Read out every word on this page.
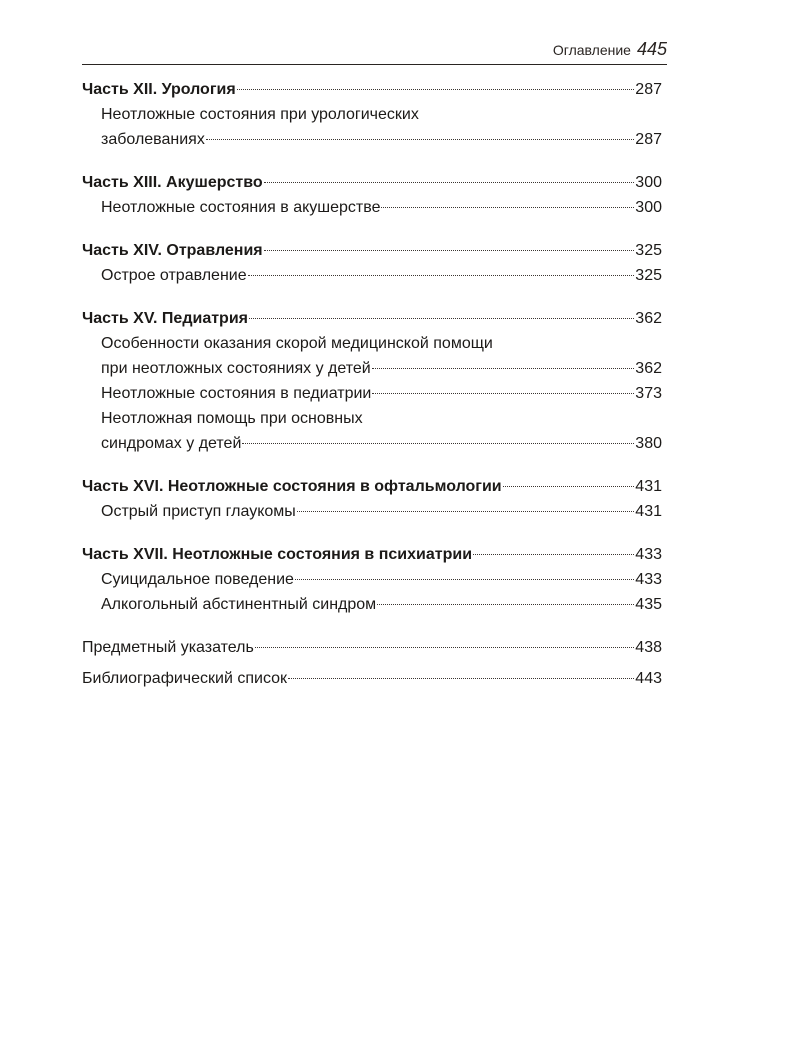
Оглавление 445
Часть XII. Урология	287
Неотложные состояния при урологических
заболеваниях	287
Часть XIII. Акушерство	300
Неотложные состояния в акушерстве	300
Часть XIV. Отравления	325
Острое отравление	325
Часть XV. Педиатрия	362
Особенности оказания скорой медицинской помощи
при неотложных состояниях у детей	362
Неотложные состояния в педиатрии	373
Неотложная помощь при основных
синдромах у детей	380
Часть XVI. Неотложные состояния в офтальмологии	431
Острый приступ глаукомы	431
Часть XVII. Неотложные состояния в психиатрии	433
Суицидальное поведение	433
Алкогольный абстинентный синдром	435
Предметный указатель	438
Библиографический список	443
